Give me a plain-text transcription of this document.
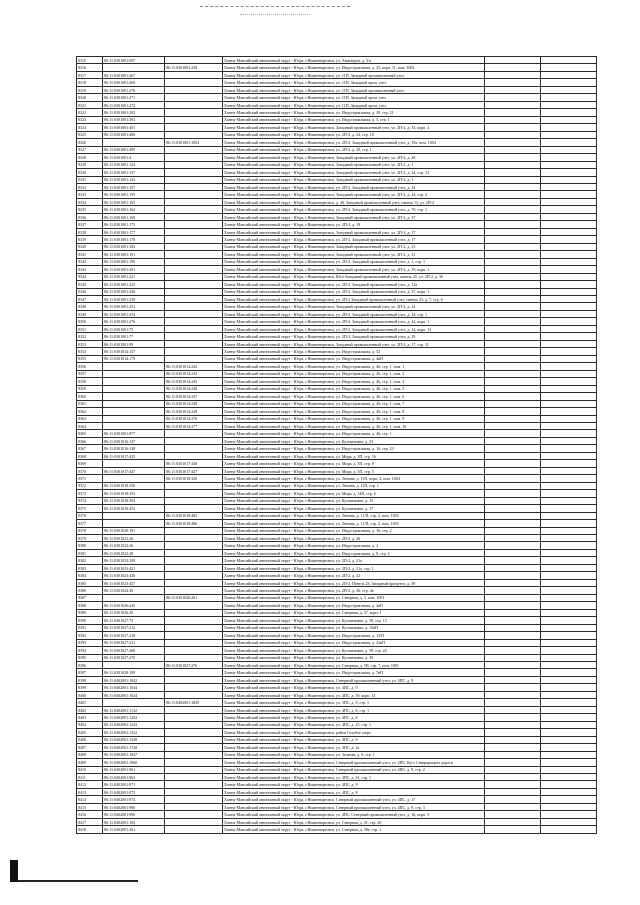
8315	86:11:0301001:507		Ханты-Мансийский автономный округ - Югра, г.Нижневартовск, ул. Авиаторов, д. 3/а		
8316		86:11:0301001:238	Ханты-Мансийский автономный округ - Югра, г.Нижневартовск, ул. Индустриальная, д. 25, корп. 11, пом. 1002		
8317	86:11:0301001:267		Ханты-Мансийский автономный округ - Югра, г.Нижневартовск, ул. 11П, Западный промышленный узел		
8318	86:11:0301001:269		Ханты-Мансийский автономный округ - Югра, г.Нижневартовск, ул. 11П, Западный пром. узел		
8319	86:11:0301001:270		Ханты-Мансийский автономный округ - Югра, г.Нижневартовск, ул. 11П, Западный промышленный узел		
8320	86:11:0301001:271		Ханты-Мансийский автономный округ - Югра, г.Нижневартовск, ул. 11П, Западный пром. узел		
8321	86:11:0301001:272		Ханты-Мансийский автономный округ - Югра, г.Нижневартовск, ул. 11П, Западный пром. узел		
8322	86:11:0301001:292		Ханты-Мансийский автономный округ - Югра, г.Нижневартовск, ул. Индустриальная, д. 29, стр. 21		
8323	86:11:0301001:393		Ханты-Мансийский автономный округ - Югра, г.Нижневартовск, ул. Индустриальная, д. 5, стр. 1		
8324	86:11:0301001:401		Ханты-Мансийский автономный округ - Югра, г.Нижневартовск, Западный промышленный узел, ул. 2П-2, д. 33, корп. 4		
8325	86:11:0301001:406		Ханты-Мансийский автономный округ - Югра, г.Нижневартовск, ул. 2П-2, д. 24, стр. 10		
8326		86:11:0301001:1004	Ханты-Мансийский автономный округ - Югра, г.Нижневартовск, ул. 2П-2, Западный промышленный узел, д. 19а, пом. 1004		
8327	86:11:0301001:409		Ханты-Мансийский автономный округ - Югра, г.Нижневартовск, ул. 2П-2, д. 20, стр. 1		
8328	86:11:0301001:4		Ханты-Мансийский автономный округ - Югра, г.Нижневартовск, Западный промышленный узел, ул. 2П-2, д. 48		
8329	86:11:0301001:124		Ханты-Мансийский автономный округ - Югра, г.Нижневартовск, Западный промышленный узел, ул. 2П-2, д. 1		
8330	86:11:0301001:137		Ханты-Мансийский автономный округ - Югра, г.Нижневартовск, Западный промышленный узел, ул. 2П-2, д. 24, стр. 13		
8331	86:11:0301001:143		Ханты-Мансийский автономный округ - Югра, г.Нижневартовск, Западный промышленный узел, ул. 2П-2, д. 1		
8332	86:11:0301001:157		Ханты-Мансийский автономный округ - Югра, г.Нижневартовск, ул. 2П-2, Западный промышленный узел, д. 34		
8333	86:11:0301001:159		Ханты-Мансийский автономный округ - Югра, г.Нижневартовск, Западный промышленный узел, ул. 2П-2, д. 44, стр. 2		
8334	86:11:0301001:163		Ханты-Мансийский автономный округ - Югра, г.Нижневартовск, д. 46, Западный промышленный узел, панель 12, ул. 2П-2		
8335	86:11:0301001:164		Ханты-Мансийский автономный округ - Югра, г.Нижневартовск, ул. 2П-2, Западный промышленный узел, д. 70, стр. 1		
8336	86:11:0301001:168		Ханты-Мансийский автономный округ - Югра, г.Нижневартовск, Западный промышленный узел, ул. 2П-2, д. 37		
8337	86:11:0301001:173		Ханты-Мансийский автономный округ - Югра, г.Нижневартовск, ул. 2П-2, д. 19		
8338	86:11:0301001:177		Ханты-Мансийский автономный округ - Югра, г.Нижневартовск, Западный промышленный узел, ул. 2П-2, д. 17		
8339	86:11:0301001:178		Ханты-Мансийский автономный округ - Югра, г.Нижневартовск, ул. 2П-2, Западный промышленный узел, д. 17		
8340	86:11:0301001:184		Ханты-Мансийский автономный округ - Югра, г.Нижневартовск, Западный промышленный узел, ул. 2П-2, д. 23		
8341	86:11:0301001:191		Ханты-Мансийский автономный округ - Югра, г.Нижневартовск, Западный промышленный узел, ул. 2П-2, д. 21		
8342	86:11:0301001:196		Ханты-Мансийский автономный округ - Югра, г.Нижневартовск, ул. 2П-2, Западный промышленный узел, д. 1, стр. 1		
8343	86:11:0301001:201		Ханты-Мансийский автономный округ - Югра, г.Нижневартовск, Западный промышленный узел, ул. 2П-2, д. 19, корп. 1		
8344	86:11:0301001:221		Ханты-Мансийский автономный округ - Югра, г.Нижневартовск, Юго-Западный промышленный узел, панель 25, ул. 2П-2, д. 36		
8345	86:11:0301001:223		Ханты-Мансийский автономный округ - Югра, г.Нижневартовск, ул. 2П-2, Западный промышленный узел, д. 12а		
8346	86:11:0301001:236		Ханты-Мансийский автономный округ - Югра, г.Нижневартовск, ул. 2П-2, Западный промышленный узел, д. 37, корп. 1		
8347	86:11:0301001:239		Ханты-Мансийский автономный округ - Югра, г.Нижневартовск, ул. 2П-2 Западный промышленный узел, панель 23, д. 7, стр. 6		
8348	86:11:0301001:251		Ханты-Мансийский автономный округ - Югра, г.Нижневартовск, Западный промышленный узел, ул. 2П-2, д. 24		
8349	86:11:0301001:254		Ханты-Мансийский автономный округ - Югра, г.Нижневартовск, ул. 2П-2, Западный промышленный узел, д. 24, стр. 1		
8350	86:11:0301001:276		Ханты-Мансийский автономный округ - Югра, г.Нижневартовск, ул. 2П-2, Западный промышленный узел, д. 42, корп. 1		
8351	86:11:0301001:75		Ханты-Мансийский автономный округ - Югра, г.Нижневартовск, ул. 2П-2, Западный промышленный узел, д. 24, корп. 13		
8352	86:11:0301001:77		Ханты-Мансийский автономный округ - Югра, г.Нижневартовск, ул. 2П-2, Западный промышленный узел, д. 29		
8353	86:11:0301001:99		Ханты-Мансийский автономный округ - Югра, г.Нижневартовск, Западный промышленный узел, ул. 2П-2, д. 17, стр. 11		
8354	86:11:0301014:157		Ханты-Мансийский автономный округ - Югра, г.Нижневартовск, ул. Индустриальная, д. 52		
8355	86:11:0301014:179		Ханты-Мансийский автономный округ - Югра, г.Нижневартовск, ул. Индустриальная, д. 4вП		
8356		86:11:0301014:242	Ханты-Мансийский автономный округ - Югра, г.Нижневартовск, ул. Индустриальная, д. 46, стр. 1, пом. 1		
8357		86:11:0301014:243	Ханты-Мансийский автономный округ - Югра, г.Нижневартовск, ул. Индустриальная, д. 46, стр. 1, пом. 2		
8358		86:11:0301014:245	Ханты-Мансийский автономный округ - Югра, г.Нижневартовск, ул. Индустриальная, д. 46, стр. 1, пом. 4		
8359		86:11:0301014:246	Ханты-Мансийский автономный округ - Югра, г.Нижневартовск, ул. Индустриальная, д. 46, стр. 1, пом. 5		
8360		86:11:0301014:247	Ханты-Мансийский автономный округ - Югра, г.Нижневартовск, ул. Индустриальная, д. 46, стр. 1, пом. 6		
8361		86:11:0301014:248	Ханты-Мансийский автономный округ - Югра, г.Нижневартовск, ул. Индустриальная, д. 46, стр. 1, пом. 7		
8362		86:11:0301014:249	Ханты-Мансийский автономный округ - Югра, г.Нижневартовск, ул. Индустриальная, д. 46, стр. 1, пом. 8		
8363		86:11:0301014:276	Ханты-Мансийский автономный округ - Югра, г.Нижневартовск, ул. Индустриальная, д. 46, стр. 1, пом. 9		
8364		86:11:0301014:277	Ханты-Мансийский автономный округ - Югра, г.Нижневартовск, ул. Индустриальная, д. 46, стр. 1, пом. 10		
8365	86:11:0301001:877		Ханты-Мансийский автономный округ - Югра, г.Нижневартовск, ул. Индустриальная, д. 46, стр. 1		
8366	86:11:0301016:137		Ханты-Мансийский автономный округ - Югра, г.Нижневартовск, ул. Кузоваткина, д. 23		
8367	86:11:0301016:138		Ханты-Мансийский автономный округ - Югра, г.Нижневартовск, ул. Индустриальная, д. 16, стр. 23		
8368	86:11:0301017:425		Ханты-Мансийский автономный округ - Югра, г.Нижневартовск, ул. Мира, д. 3П, стр. 16		
8369		86:11:0301017:440	Ханты-Мансийский автономный округ - Югра, г.Нижневартовск, ул. Мира, д. 5П, стр. 9		
8370	86:11:0301017:447	86:11:0301017:447	Ханты-Мансийский автономный округ - Югра, г.Нижневартовск, ул. Мира, д. 5П, стр. 5		
8371		86:11:0301018:320	Ханты-Мансийский автономный округ - Югра, г.Нижневартовск, ул. Ленина, д. 11П, корп. 2, пом. 1004		
8372	86:11:0301018:350		Ханты-Мансийский автономный округ - Югра, г.Нижневартовск, ул. Ленина, д. 11П, стр. 1		
8373	86:11:0301018:353		Ханты-Мансийский автономный округ - Югра, г.Нижневартовск, ул. Мира, д. 14П, стр. 6		
8374	86:11:0301018:394		Ханты-Мансийский автономный округ - Югра, г.Нижневартовск, ул. Кузоваткина, д. 15		
8375	86:11:0301018:452		Ханты-Мансийский автономный округ - Югра, г.Нижневартовск, ул. Кузоваткина, д. 17		
8376		86:11:0301018:485	Ханты-Мансийский автономный округ - Югра, г.Нижневартовск, ул. Ленина, д. 11/П, стр. 2, пом. 1003		
8377		86:11:0301018:486	Ханты-Мансийский автономный округ - Югра, г.Нижневартовск, ул. Ленина, д. 11/П, стр. 2, пом. 1005		
8378	86:11:0301020:181		Ханты-Мансийский автономный округ - Югра, г.Нижневартовск, ул. Индустриальная, д. 16, стр. 2		
8379	86:11:0301022:26		Ханты-Мансийский автономный округ - Югра, г.Нижневартовск, ул. 2П-2, д. 26		
8380	86:11:0301022:26		Ханты-Мансийский автономный округ - Югра, г.Нижневартовск, ул. Индустриальная, д. 2		
8381	86:11:0301022:28		Ханты-Мансийский автономный округ - Югра, г.Нижневартовск, ул. Индустриальная, д. 8, стр. 2		
8382	86:11:0301023:209		Ханты-Мансийский автономный округ - Югра, г.Нижневартовск, ул. 2П-2, д. 21а		
8383	86:11:0301023:421		Ханты-Мансийский автономный округ - Югра, г.Нижневартовск, ул. 2П-2, д. 21а, стр. 1		
8384	86:11:0301023:430		Ханты-Мансийский автономный округ - Югра, г.Нижневартовск, ул. 2П-2, д. 32		
8385	86:11:0301023:457		Ханты-Мансийский автономный округ - Югра, г.Нижневартовск, ул. 2П-2, Панель 23, Западный промузел, д. 39		
8386	86:11:0301024:49		Ханты-Мансийский автономный округ - Югра, г.Нижневартовск, ул. 2П-2, д. 26, стр. 4а		
8387		86:11:0301026:261	Ханты-Мансийский автономный округ - Югра, г.Нижневартовск, ул. Северная, д. 3, пом. 1001		
8388	86:11:0301026:245		Ханты-Мансийский автономный округ - Югра, г.Нижневартовск, ул. Индустриальная, д. 4вП		
8389	86:11:0301026:30		Ханты-Мансийский автономный округ - Югра, г.Нижневартовск, ул. Северная, д. 37, корп. 1		
8390	86:11:0401027:73		Ханты-Мансийский автономный округ - Югра, г.Нижневартовск, ул. Кузоваткина, д. 39, стр. 13		
8391	86:11:0301027:212		Ханты-Мансийский автономный округ - Югра, г.Нижневартовск, ул. Кузоваткина, д. 15вП		
8392	86:11:0301027:218		Ханты-Мансийский автономный округ - Югра, г.Нижневартовск, ул. Индустриальная, д. 13/П		
8393	86:11:0301027:231		Ханты-Мансийский автономный округ - Югра, г.Нижневартовск, ул. Индустриальная, д. 22вП		
8394	86:11:0301027:268		Ханты-Мансийский автономный округ - Югра, г.Нижневартовск, ул. Кузоваткина, д. 39, стр. 24		
8395	86:11:0301027:270		Ханты-Мансийский автономный округ - Югра, г.Нижневартовск, ул. Кузоваткина, д. 39		
8396		86:11:0301027:276	Ханты-Мансийский автономный округ - Югра, г.Нижневартовск, ул. Северная, д. 5П, стр. 7, пом. 1001		
8397	86:11:0301028:108		Ханты-Мансийский автономный округ - Югра, г.Нижневартовск, ул. Индустриальная, д. 7вП		
8398	86:11:0402001:1042		Ханты-Мансийский автономный округ - Югра, г.Нижневартовск, Северный промышленный узел, ул. 4ПС, д. 9		
8399	86:11:0402001:1044		Ханты-Мансийский автономный округ - Югра, г.Нижневартовск, ул. 4ПС, д. 9		
8400	86:11:0402001:1024		Ханты-Мансийский автономный округ - Югра, г.Нижневартовск, ул. 4ПС, д. 39, корп. 13		
8401		86:11:0402001:1829	Ханты-Мансийский автономный округ - Югра, г.Нижневартовск, ул. 5ПС, д. 9, стр. 1		
8402	86:11:0402001:1132		Ханты-Мансийский автономный округ - Югра, г.Нижневартовск, ул. 4ПС, д. 8, стр. 1		
8403	86:11:0402001:1202		Ханты-Мансийский автономный округ - Югра, г.Нижневартовск, ул. 4ПС, д. 8		
8404	86:11:0402001:1243		Ханты-Мансийский автономный округ - Югра, г.Нижневартовск, ул. 4ПС, д. 25, стр. 1		
8405	86:11:0402001:1322		Ханты-Мансийский автономный округ - Югра, г.Нижневартовск, район Голубое озеро		
8406	86:11:0402001:1328		Ханты-Мансийский автономный округ - Югра, г.Нижневартовск, ул. 4ПС, д. 9		
8407	86:11:0402001:1728		Ханты-Мансийский автономный округ - Югра, г.Нижневартовск, ул. 4ПС, д. 2а		
8408	86:11:0402001:1847		Ханты-Мансийский автономный округ - Югра, г.Нижневартовск, ул. Зеленая, д. 9, стр. 1		
8409	86:11:0402001:1960		Ханты-Мансийский автономный округ - Югра, г.Нижневартовск, Северный промышленный узел, ул. 2ПС, Куст Северпроцент дороги		
8410	86:11:0402001:961		Ханты-Мансийский автономный округ - Югра, г.Нижневартовск, Северный промышленный узел, ул. 4ПС, д. 9, стр. 2		
8411	86:11:0402001:963		Ханты-Мансийский автономный округ - Югра, г.Нижневартовск, ул. 4ПС, д. 31, стр. 1		
8412	86:11:0402001:971		Ханты-Мансийский автономный округ - Югра, г.Нижневартовск, ул. 4ПС, д. 9		
8413	86:11:0402001:972		Ханты-Мансийский автономный округ - Югра, г.Нижневартовск, ул. 4ПС, д. 8		
8414	86:11:0402001:974		Ханты-Мансийский автономный округ - Югра, г.Нижневартовск, Северный промышленный узел, ул. 4ПС, д. 17		
8415	86:11:0402001:986		Ханты-Мансийский автономный округ - Югра, г.Нижневартовск, Северный промышленный узел, ул. 4ПС, д. 9, стр. 3		
8416	86:11:0402001:996		Ханты-Мансийский автономный округ - Югра, г.Нижневартовск, ул. 4ПС, Северный промышленный узел, д. 16, корп. 3		
8417	86:11:0402001:184		Ханты-Мансийский автономный округ - Югра, г.Нижневартовск, ул. Северная, д. 31, стр. 20		
8418	86:11:0402001:261		Ханты-Мансийский автономный округ - Югра, г.Нижневартовск, ул. Северная, д. 38а, стр. 1		
